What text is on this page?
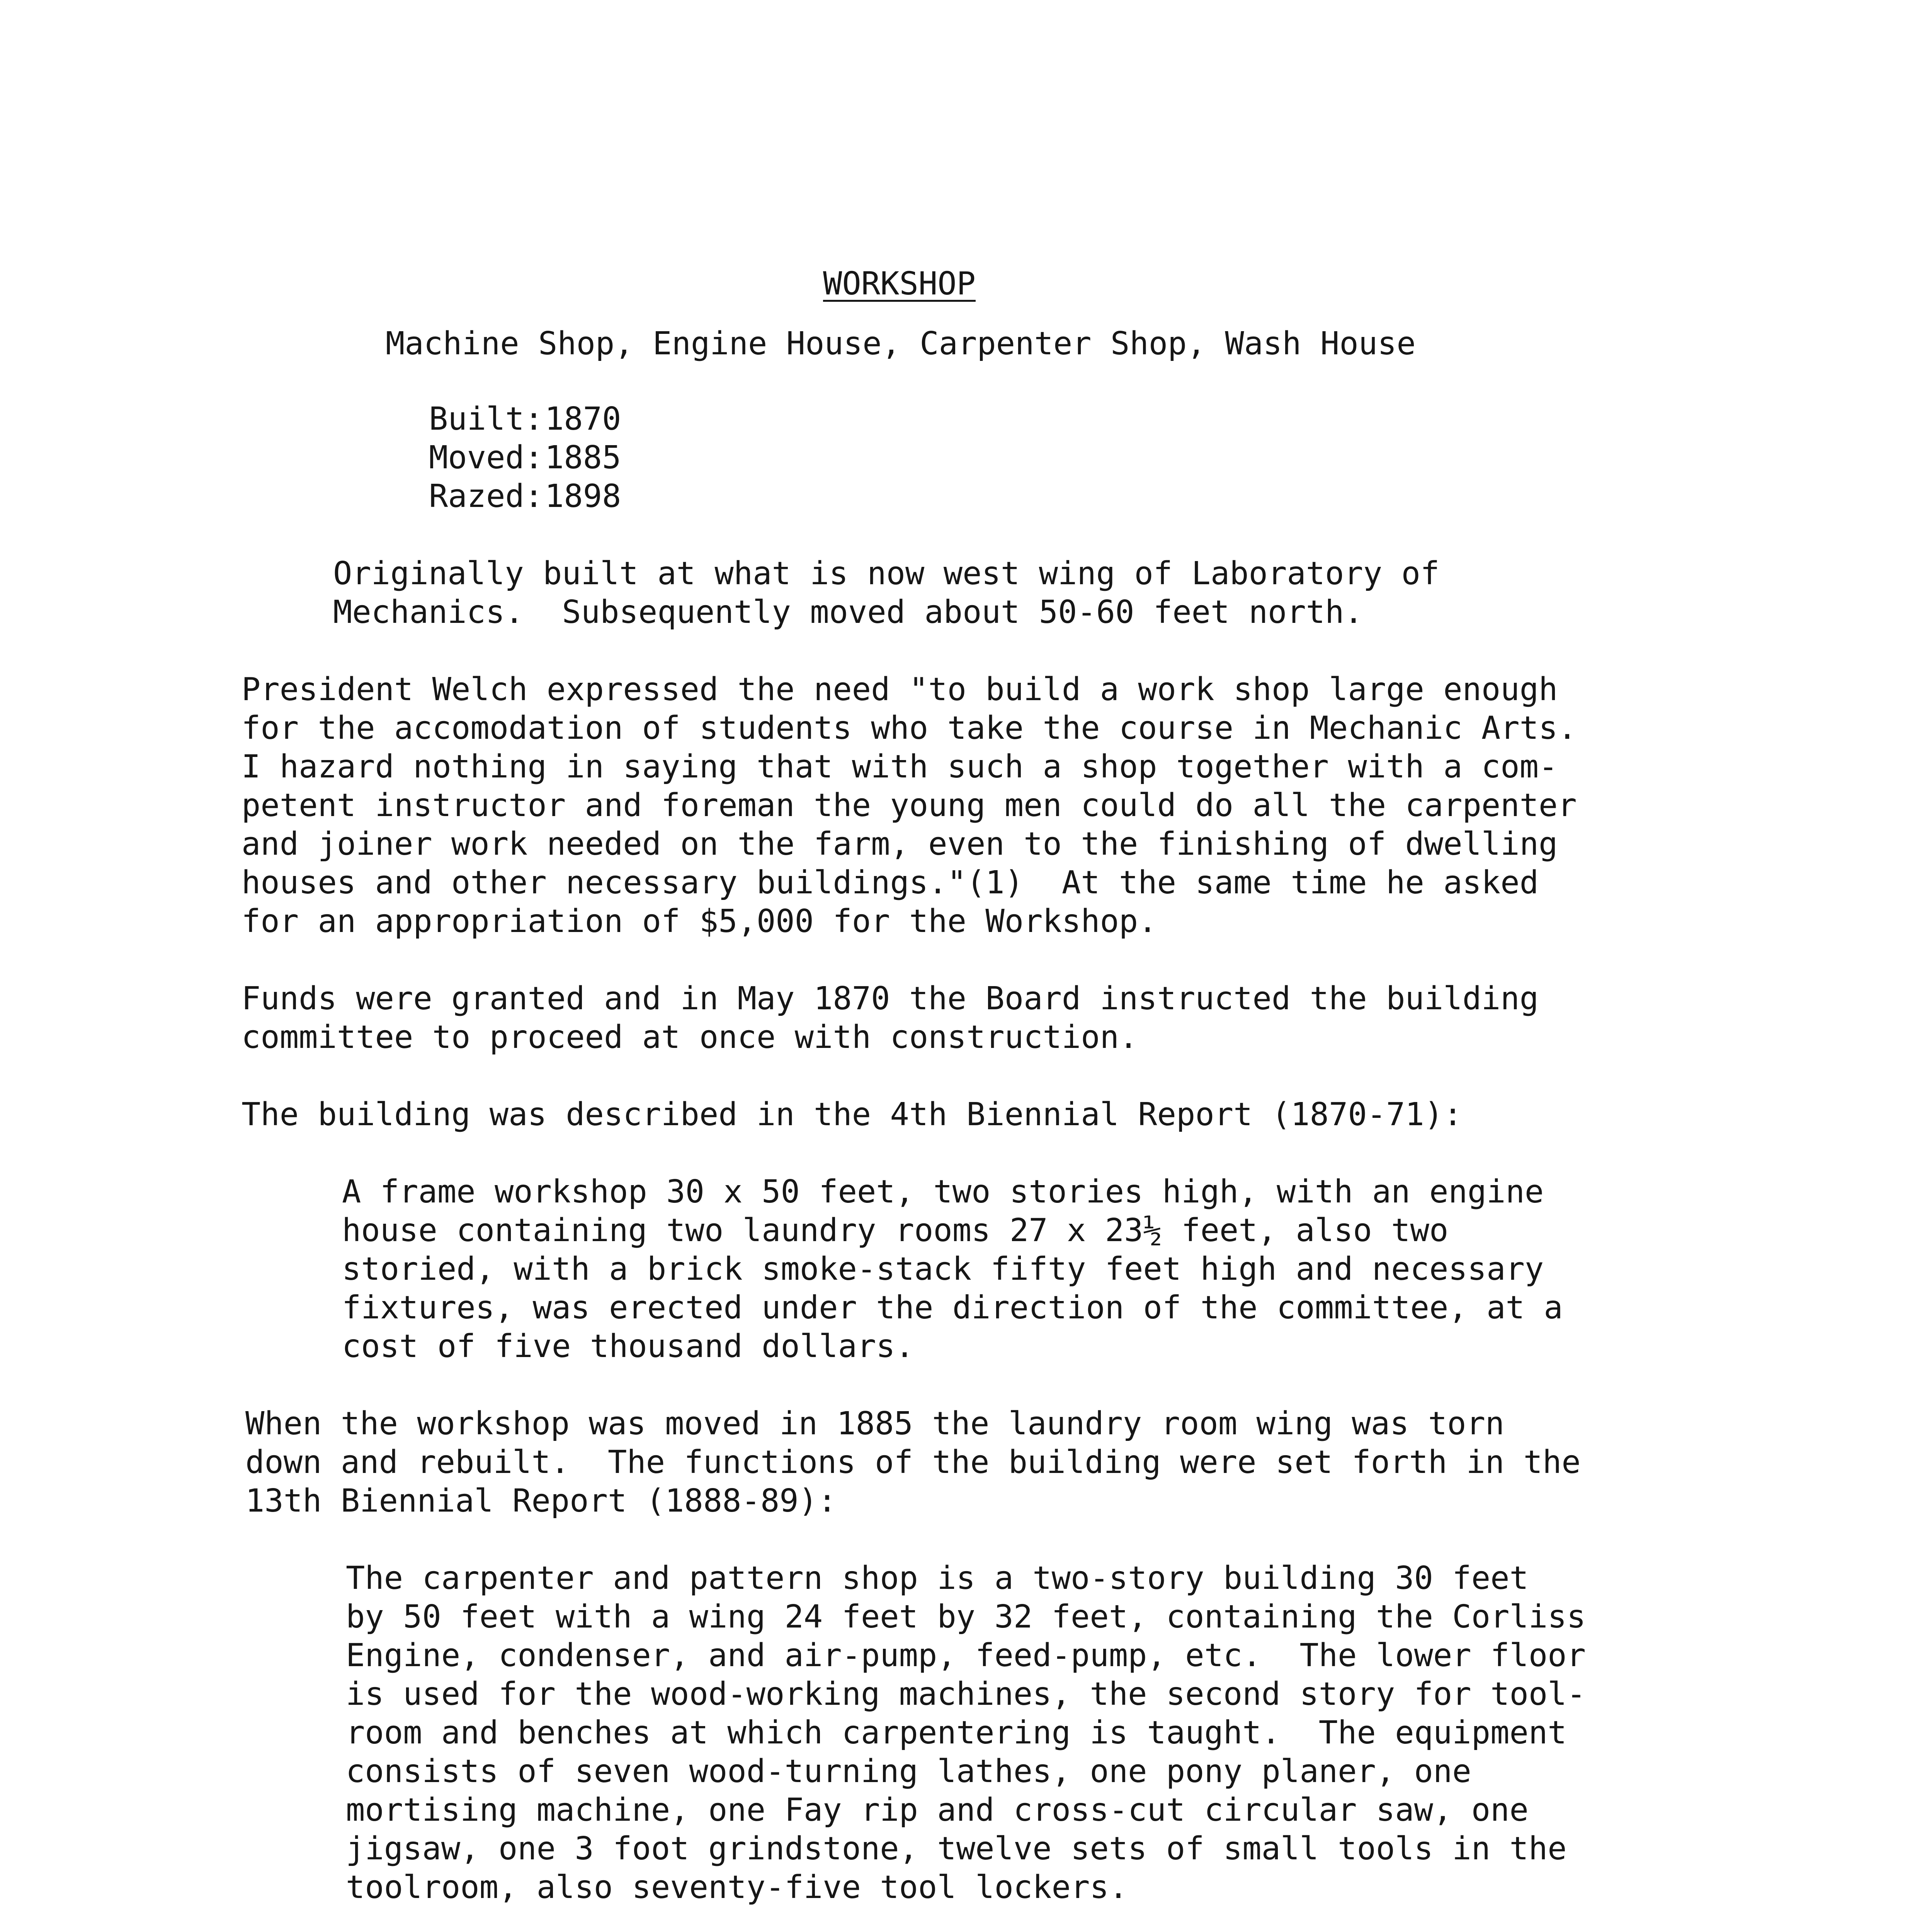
WORKSHOP
Machine Shop, Engine House, Carpenter Shop, Wash House
Built: 1870
Moved: 1885
Razed: 1898
Originally built at what is now west wing of Laboratory of
Mechanics.  Subsequently moved about 50-60 feet north.
President Welch expressed the need "to build a work shop large enough
for the accomodation of students who take the course in Mechanic Arts.
I hazard nothing in saying that with such a shop together with a com-
petent instructor and foreman the young men could do all the carpenter
and joiner work needed on the farm, even to the finishing of dwelling
houses and other necessary buildings."(1)  At the same time he asked
for an appropriation of $5,000 for the Workshop.
Funds were granted and in May 1870 the Board instructed the building
committee to proceed at once with construction.
The building was described in the 4th Biennial Report (1870-71):
A frame workshop 30 x 50 feet, two stories high, with an engine
house containing two laundry rooms 27 x 23½ feet, also two
storied, with a brick smoke-stack fifty feet high and necessary
fixtures, was erected under the direction of the committee, at a
cost of five thousand dollars.
When the workshop was moved in 1885 the laundry room wing was torn
down and rebuilt.  The functions of the building were set forth in the
13th Biennial Report (1888-89):
The carpenter and pattern shop is a two-story building 30 feet
by 50 feet with a wing 24 feet by 32 feet, containing the Corliss
Engine, condenser, and air-pump, feed-pump, etc.  The lower floor
is used for the wood-working machines, the second story for tool-
room and benches at which carpentering is taught.  The equipment
consists of seven wood-turning lathes, one pony planer, one
mortising machine, one Fay rip and cross-cut circular saw, one
jigsaw, one 3 foot grindstone, twelve sets of small tools in the
toolroom, also seventy-five tool lockers.
